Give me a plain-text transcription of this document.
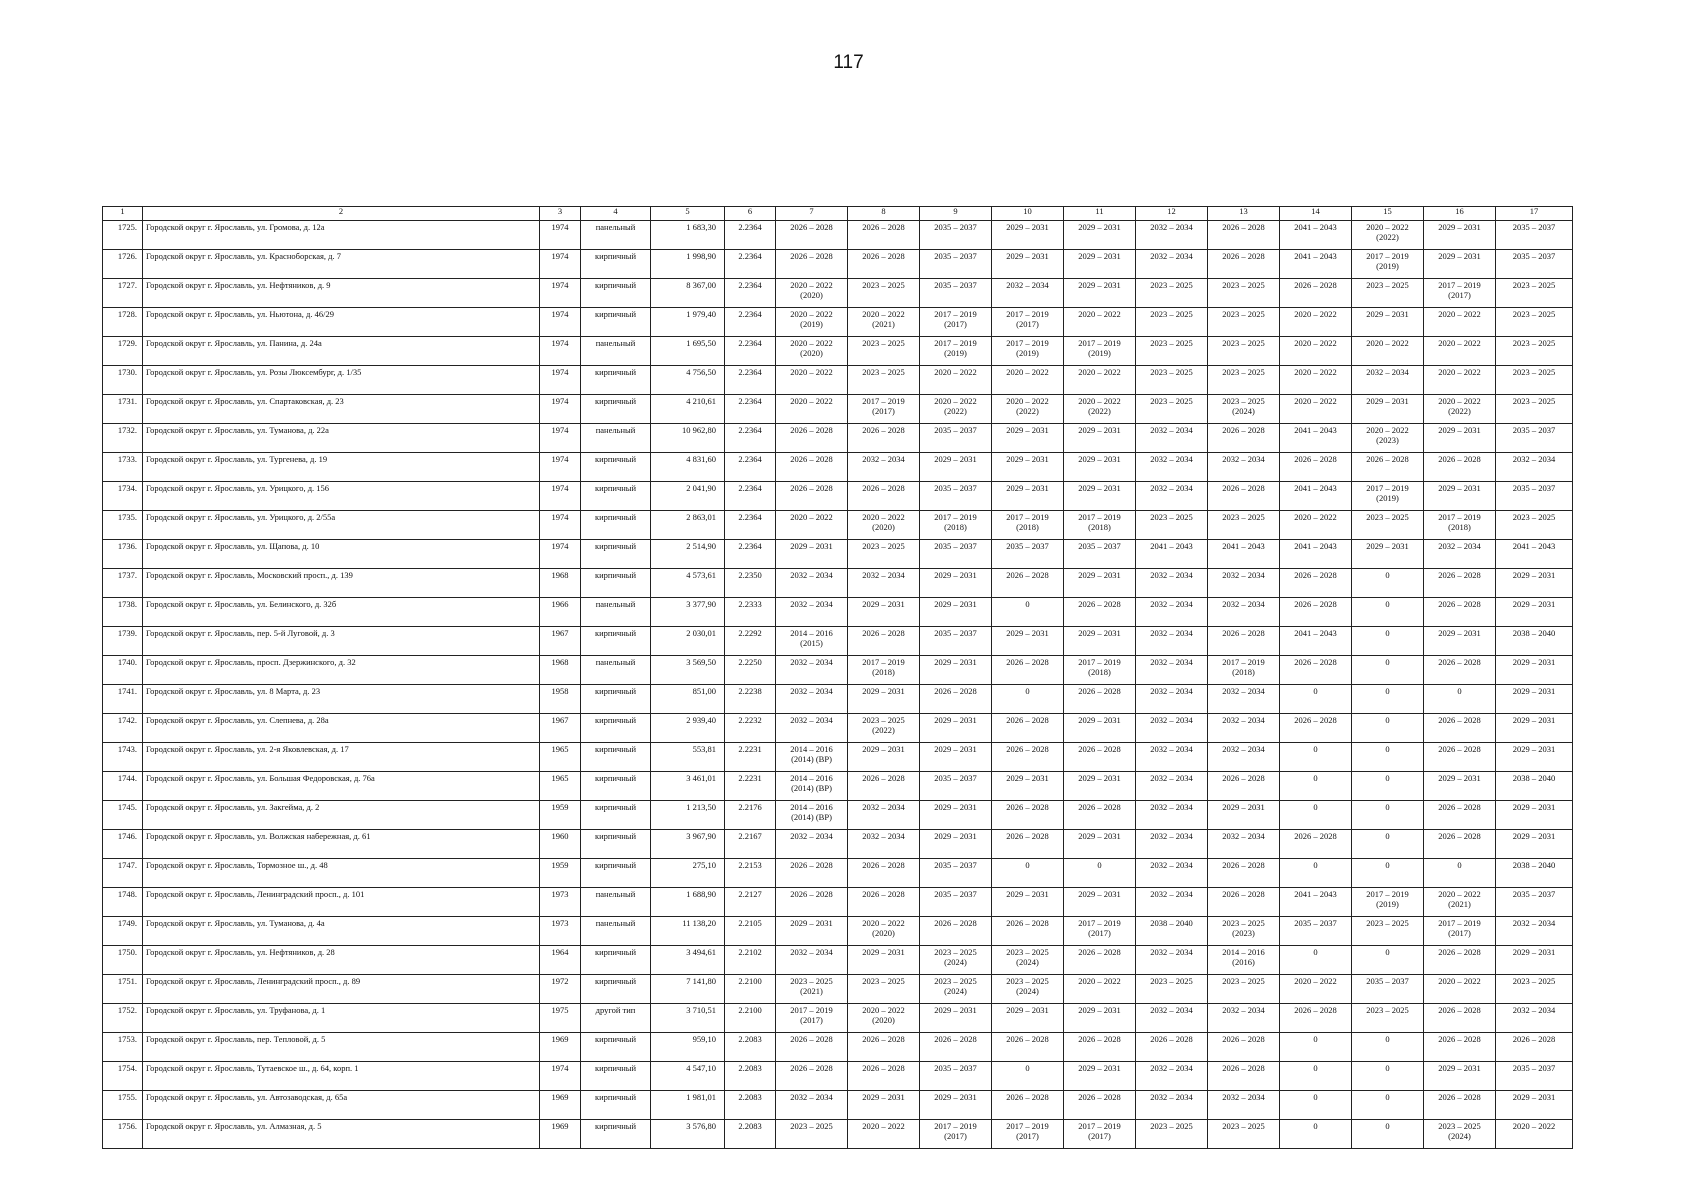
117
1	2	3	4	5	6	7	8	9	10	11	12	13	14	15	16	17

1725.	Городской округ г. Ярославль, ул. Громова, д. 12а	1974	панельный	1 683,30	2.2364	2026 – 2028	2026 – 2028	2035 – 2037	2029 – 2031	2029 – 2031	2032 – 2034	2026 – 2028	2041 – 2043	2020 – 2022
(2022)	2029 – 2031	2035 – 2037

1726.	Городской округ г. Ярославль, ул. Красноборская, д. 7	1974	кирпичный	1 998,90	2.2364	2026 – 2028	2026 – 2028	2035 – 2037	2029 – 2031	2029 – 2031	2032 – 2034	2026 – 2028	2041 – 2043	2017 – 2019
(2019)	2029 – 2031	2035 – 2037

1727.	Городской округ г. Ярославль, ул. Нефтяников, д. 9	1974	кирпичный	8 367,00	2.2364	2020 – 2022
(2020)	2023 – 2025	2035 – 2037	2032 – 2034	2029 – 2031	2023 – 2025	2023 – 2025	2026 – 2028	2023 – 2025	2017 – 2019
(2017)	2023 – 2025

1728.	Городской округ г. Ярославль, ул. Ньютона, д. 46/29	1974	кирпичный	1 979,40	2.2364	2020 – 2022
(2019)	2020 – 2022
(2021)	2017 – 2019
(2017)	2017 – 2019
(2017)	2020 – 2022	2023 – 2025	2023 – 2025	2020 – 2022	2029 – 2031	2020 – 2022	2023 – 2025

1729.	Городской округ г. Ярославль, ул. Панина, д. 24а	1974	панельный	1 695,50	2.2364	2020 – 2022
(2020)	2023 – 2025	2017 – 2019
(2019)	2017 – 2019
(2019)	2017 – 2019
(2019)	2023 – 2025	2023 – 2025	2020 – 2022	2020 – 2022	2020 – 2022	2023 – 2025

1730.	Городской округ г. Ярославль, ул. Розы Люксембург, д. 1/35	1974	кирпичный	4 756,50	2.2364	2020 – 2022	2023 – 2025	2020 – 2022	2020 – 2022	2020 – 2022	2023 – 2025	2023 – 2025	2020 – 2022	2032 – 2034	2020 – 2022	2023 – 2025

1731.	Городской округ г. Ярославль, ул. Спартаковская, д. 23	1974	кирпичный	4 210,61	2.2364	2020 – 2022	2017 – 2019
(2017)	2020 – 2022
(2022)	2020 – 2022
(2022)	2020 – 2022
(2022)	2023 – 2025	2023 – 2025
(2024)	2020 – 2022	2029 – 2031	2020 – 2022
(2022)	2023 – 2025

1732.	Городской округ г. Ярославль, ул. Туманова, д. 22а	1974	панельный	10 962,80	2.2364	2026 – 2028	2026 – 2028	2035 – 2037	2029 – 2031	2029 – 2031	2032 – 2034	2026 – 2028	2041 – 2043	2020 – 2022
(2023)	2029 – 2031	2035 – 2037

1733.	Городской округ г. Ярославль, ул. Тургенева, д. 19	1974	кирпичный	4 831,60	2.2364	2026 – 2028	2032 – 2034	2029 – 2031	2029 – 2031	2029 – 2031	2032 – 2034	2032 – 2034	2026 – 2028	2026 – 2028	2026 – 2028	2032 – 2034

1734.	Городской округ г. Ярославль, ул. Урицкого, д. 156	1974	кирпичный	2 041,90	2.2364	2026 – 2028	2026 – 2028	2035 – 2037	2029 – 2031	2029 – 2031	2032 – 2034	2026 – 2028	2041 – 2043	2017 – 2019
(2019)	2029 – 2031	2035 – 2037

1735.	Городской округ г. Ярославль, ул. Урицкого, д. 2/55а	1974	кирпичный	2 863,01	2.2364	2020 – 2022	2020 – 2022
(2020)	2017 – 2019
(2018)	2017 – 2019
(2018)	2017 – 2019
(2018)	2023 – 2025	2023 – 2025	2020 – 2022	2023 – 2025	2017 – 2019
(2018)	2023 – 2025

1736.	Городской округ г. Ярославль, ул. Щапова, д. 10	1974	кирпичный	2 514,90	2.2364	2029 – 2031	2023 – 2025	2035 – 2037	2035 – 2037	2035 – 2037	2041 – 2043	2041 – 2043	2041 – 2043	2029 – 2031	2032 – 2034	2041 – 2043

1737.	Городской округ г. Ярославль, Московский просп., д. 139	1968	кирпичный	4 573,61	2.2350	2032 – 2034	2032 – 2034	2029 – 2031	2026 – 2028	2029 – 2031	2032 – 2034	2032 – 2034	2026 – 2028	0	2026 – 2028	2029 – 2031

1738.	Городской округ г. Ярославль, ул. Белинского, д. 32б	1966	панельный	3 377,90	2.2333	2032 – 2034	2029 – 2031	2029 – 2031	0	2026 – 2028	2032 – 2034	2032 – 2034	2026 – 2028	0	2026 – 2028	2029 – 2031

1739.	Городской округ г. Ярославль, пер. 5-й Луговой, д. 3	1967	кирпичный	2 030,01	2.2292	2014 – 2016
(2015)	2026 – 2028	2035 – 2037	2029 – 2031	2029 – 2031	2032 – 2034	2026 – 2028	2041 – 2043	0	2029 – 2031	2038 – 2040

1740.	Городской округ г. Ярославль, просп. Дзержинского, д. 32	1968	панельный	3 569,50	2.2250	2032 – 2034	2017 – 2019
(2018)	2029 – 2031	2026 – 2028	2017 – 2019
(2018)	2032 – 2034	2017 – 2019
(2018)	2026 – 2028	0	2026 – 2028	2029 – 2031

1741.	Городской округ г. Ярославль, ул. 8 Марта, д. 23	1958	кирпичный	851,00	2.2238	2032 – 2034	2029 – 2031	2026 – 2028	0	2026 – 2028	2032 – 2034	2032 – 2034	0	0	0	2029 – 2031

1742.	Городской округ г. Ярославль, ул. Слепнева, д. 28а	1967	кирпичный	2 939,40	2.2232	2032 – 2034	2023 – 2025
(2022)	2029 – 2031	2026 – 2028	2029 – 2031	2032 – 2034	2032 – 2034	2026 – 2028	0	2026 – 2028	2029 – 2031

1743.	Городской округ г. Ярославль, ул. 2-я Яковлевская, д. 17	1965	кирпичный	553,81	2.2231	2014 – 2016
(2014) (ВР)	2029 – 2031	2029 – 2031	2026 – 2028	2026 – 2028	2032 – 2034	2032 – 2034	0	0	2026 – 2028	2029 – 2031

1744.	Городской округ г. Ярославль, ул. Большая Федоровская, д. 76а	1965	кирпичный	3 461,01	2.2231	2014 – 2016
(2014) (ВР)	2026 – 2028	2035 – 2037	2029 – 2031	2029 – 2031	2032 – 2034	2026 – 2028	0	0	2029 – 2031	2038 – 2040

1745.	Городской округ г. Ярославль, ул. Закгейма, д. 2	1959	кирпичный	1 213,50	2.2176	2014 – 2016
(2014) (ВР)	2032 – 2034	2029 – 2031	2026 – 2028	2026 – 2028	2032 – 2034	2029 – 2031	0	0	2026 – 2028	2029 – 2031

1746.	Городской округ г. Ярославль, ул. Волжская набережная, д. 61	1960	кирпичный	3 967,90	2.2167	2032 – 2034	2032 – 2034	2029 – 2031	2026 – 2028	2029 – 2031	2032 – 2034	2032 – 2034	2026 – 2028	0	2026 – 2028	2029 – 2031

1747.	Городской округ г. Ярославль, Тормозное ш., д. 48	1959	кирпичный	275,10	2.2153	2026 – 2028	2026 – 2028	2035 – 2037	0	0	2032 – 2034	2026 – 2028	0	0	0	2038 – 2040

1748.	Городской округ г. Ярославль, Ленинградский просп., д. 101	1973	панельный	1 688,90	2.2127	2026 – 2028	2026 – 2028	2035 – 2037	2029 – 2031	2029 – 2031	2032 – 2034	2026 – 2028	2041 – 2043	2017 – 2019
(2019)	2020 – 2022
(2021)	2035 – 2037

1749.	Городской округ г. Ярославль, ул. Туманова, д. 4а	1973	панельный	11 138,20	2.2105	2029 – 2031	2020 – 2022
(2020)	2026 – 2028	2026 – 2028	2017 – 2019
(2017)	2038 – 2040	2023 – 2025
(2023)	2035 – 2037	2023 – 2025	2017 – 2019
(2017)	2032 – 2034

1750.	Городской округ г. Ярославль, ул. Нефтяников, д. 28	1964	кирпичный	3 494,61	2.2102	2032 – 2034	2029 – 2031	2023 – 2025
(2024)	2023 – 2025
(2024)	2026 – 2028	2032 – 2034	2014 – 2016
(2016)	0	0	2026 – 2028	2029 – 2031

1751.	Городской округ г. Ярославль, Ленинградский просп., д. 89	1972	кирпичный	7 141,80	2.2100	2023 – 2025
(2021)	2023 – 2025	2023 – 2025
(2024)	2023 – 2025
(2024)	2020 – 2022	2023 – 2025	2023 – 2025	2020 – 2022	2035 – 2037	2020 – 2022	2023 – 2025

1752.	Городской округ г. Ярославль, ул. Труфанова, д. 1	1975	другой тип	3 710,51	2.2100	2017 – 2019
(2017)	2020 – 2022
(2020)	2029 – 2031	2029 – 2031	2029 – 2031	2032 – 2034	2032 – 2034	2026 – 2028	2023 – 2025	2026 – 2028	2032 – 2034

1753.	Городской округ г. Ярославль, пер. Тепловой, д. 5	1969	кирпичный	959,10	2.2083	2026 – 2028	2026 – 2028	2026 – 2028	2026 – 2028	2026 – 2028	2026 – 2028	2026 – 2028	0	0	2026 – 2028	2026 – 2028

1754.	Городской округ г. Ярославль, Тутаевское ш., д. 64, корп. 1	1974	кирпичный	4 547,10	2.2083	2026 – 2028	2026 – 2028	2035 – 2037	0	2029 – 2031	2032 – 2034	2026 – 2028	0	0	2029 – 2031	2035 – 2037

1755.	Городской округ г. Ярославль, ул. Автозаводская, д. 65а	1969	кирпичный	1 981,01	2.2083	2032 – 2034	2029 – 2031	2029 – 2031	2026 – 2028	2026 – 2028	2032 – 2034	2032 – 2034	0	0	2026 – 2028	2029 – 2031

1756.	Городской округ г. Ярославль, ул. Алмазная, д. 5	1969	кирпичный	3 576,80	2.2083	2023 – 2025	2020 – 2022	2017 – 2019
(2017)	2017 – 2019
(2017)	2017 – 2019
(2017)	2023 – 2025	2023 – 2025	0	0	2023 – 2025
(2024)	2020 – 2022
